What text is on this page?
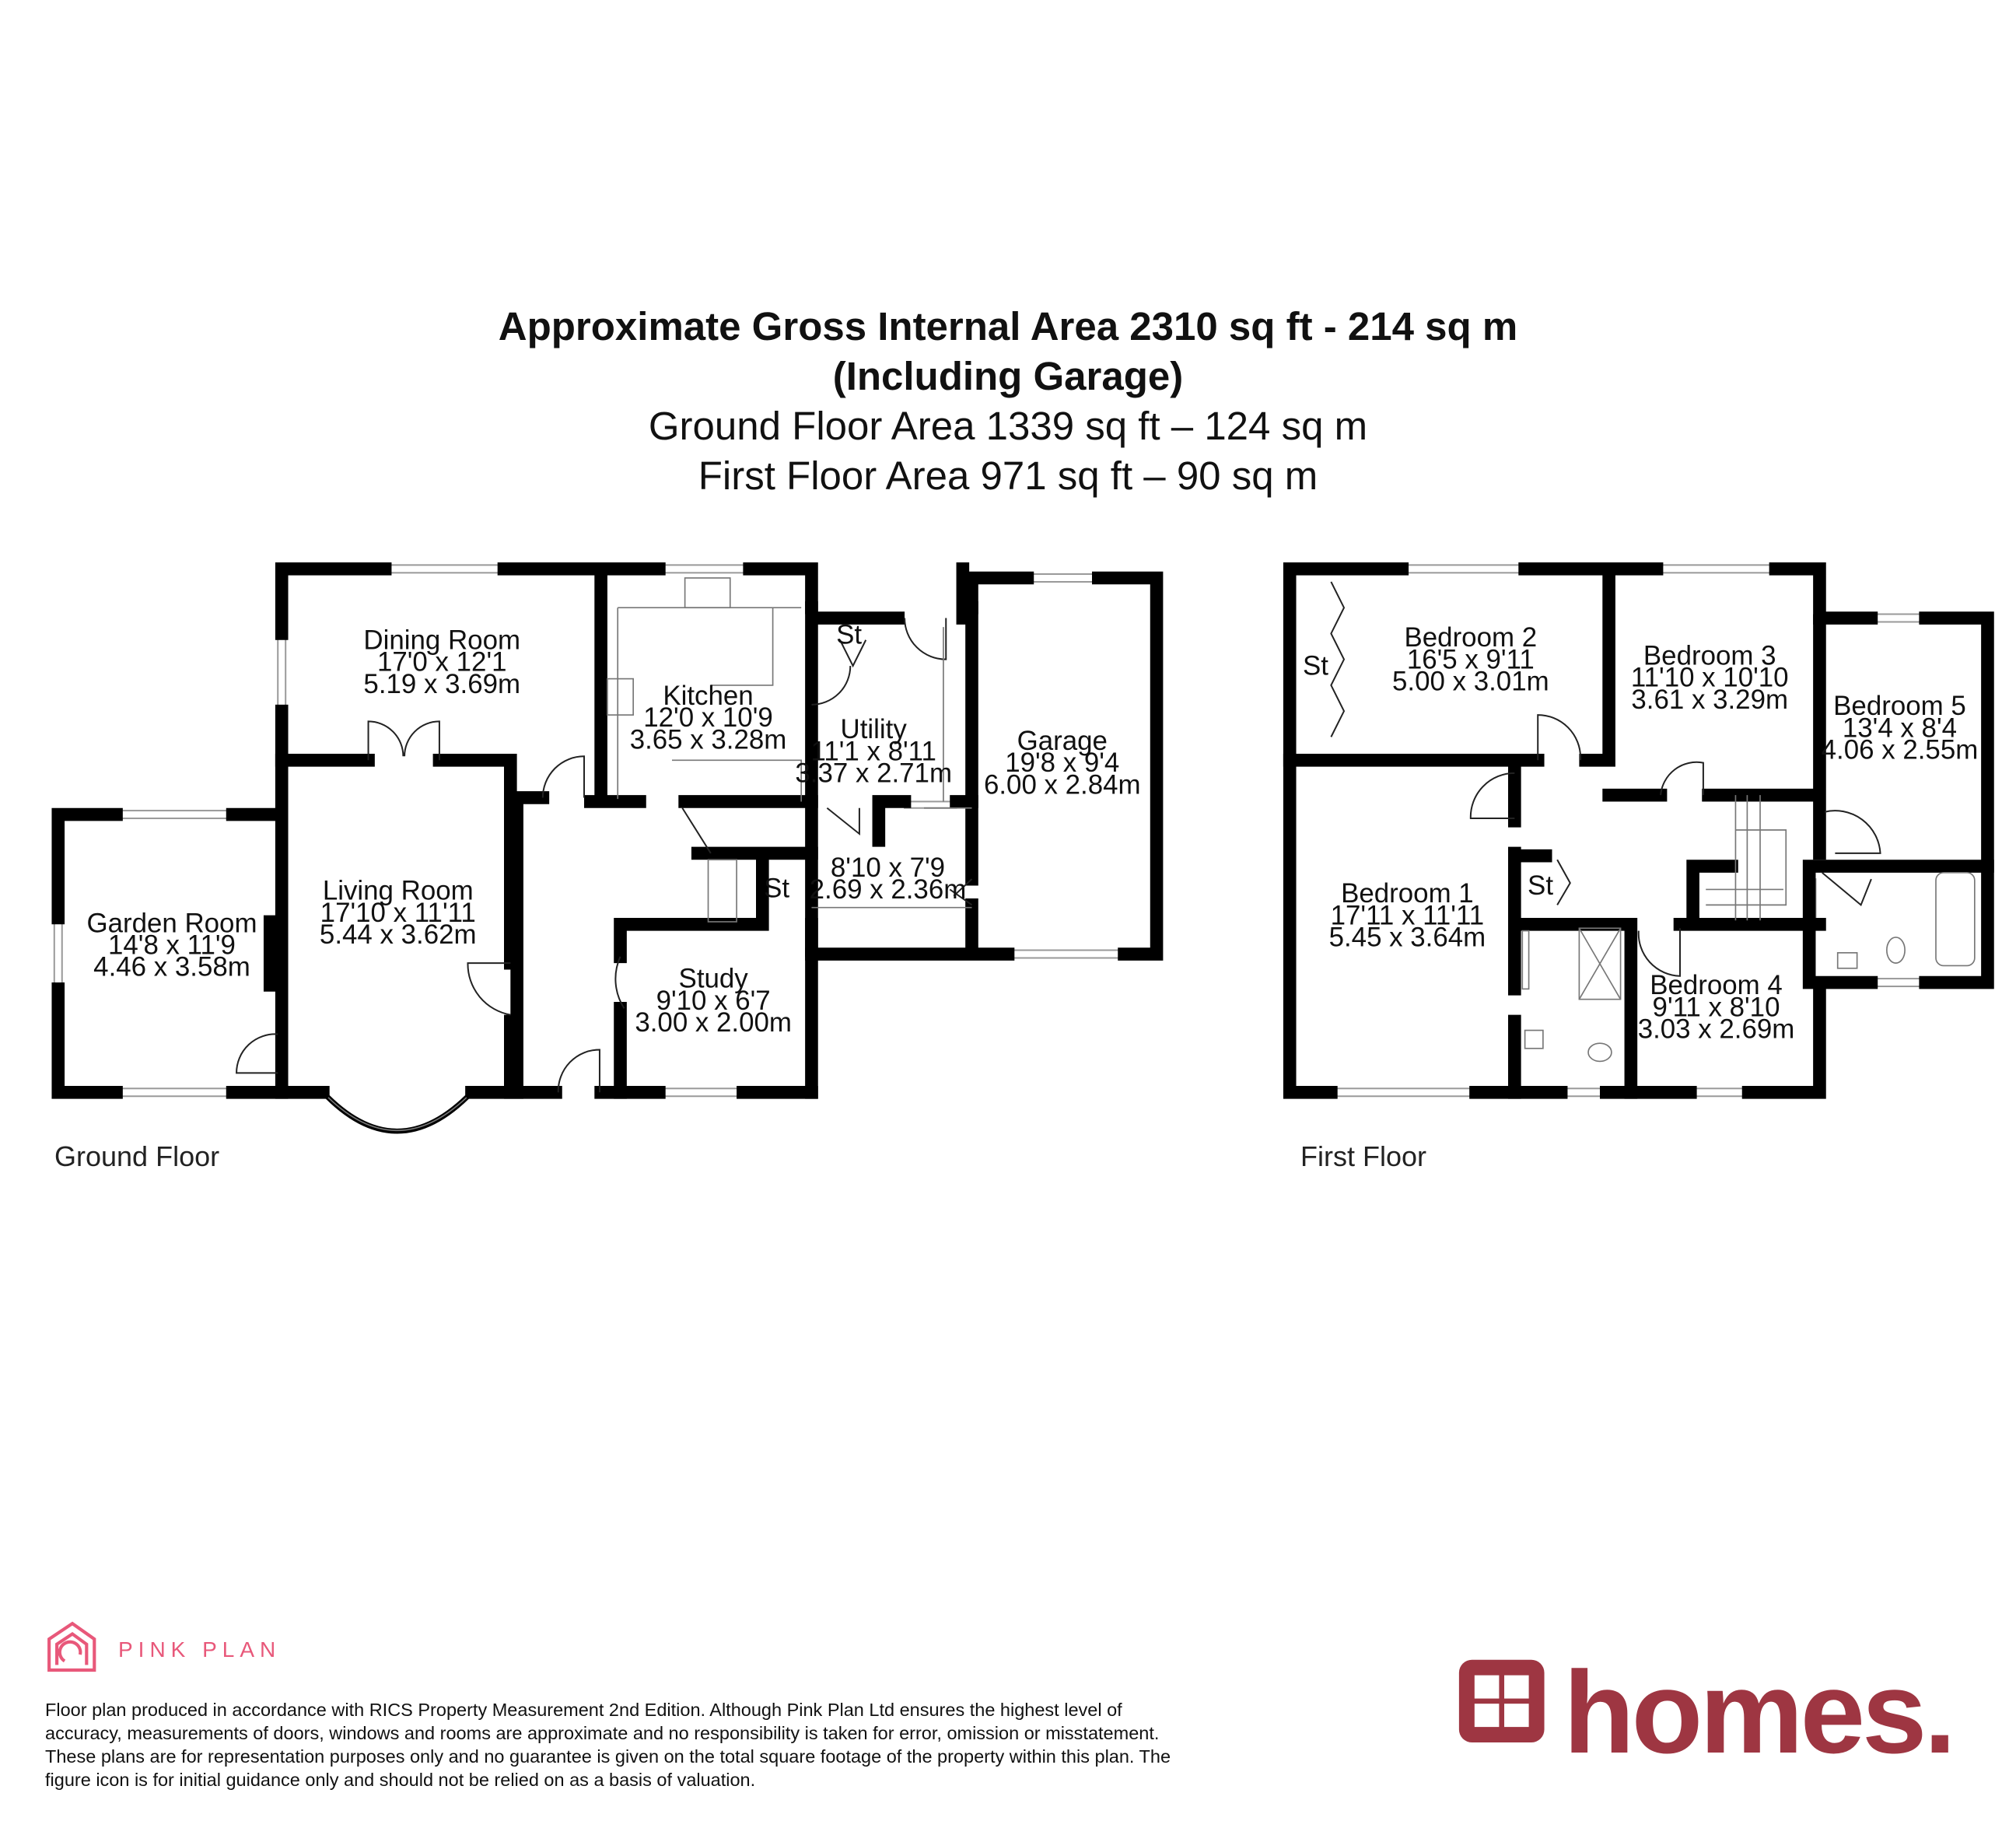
Approximate Gross Internal Area 2310 sq ft - 214 sq m
(Including Garage)
Ground Floor Area 1339 sq ft – 124 sq m
First Floor Area 971 sq ft – 90 sq m
Dining Room
17'0 x 12'1
5.19 x 3.69m	Kitchen
12'0 x 10'9
3.65 x 3.28m	Utility
11'1 x 8'11
3.37 x 2.71m
Garage
19'8 x 9'4
6.00 x 2.84m
Living Room
17'10 x 11'11
5.44 x 3.62m
Garden Room
14'8 x 11'9
4.46 x 3.58m	Study
9'10 x 6'7
3.00 x 2.00m
8'10 x 7'9
2.69 x 2.36m
St
St
Bedroom 2
16'5 x 9'11
5.00 x 3.01m
Bedroom 3
11'10 x 10'10
3.61 x 3.29m	Bedroom 5
13'4 x 8'4
4.06 x 2.55m
Bedroom 1
17'11 x 11'11
5.45 x 3.64m
Bedroom 4
9'11 x 8'10
3.03 x 2.69m
St
St
Ground Floor	First Floor
PINK PLAN
Floor plan produced in accordance with RICS Property Measurement 2nd Edition. Although Pink Plan Ltd ensures the highest level of accuracy, measurements of doors, windows and rooms are approximate and no responsibility is taken for error, omission or misstatement. These plans are for representation purposes only and no guarantee is given on the total square footage of the property within this plan. The figure icon is for initial guidance only and should not be relied on as a basis of valuation.
homes.
